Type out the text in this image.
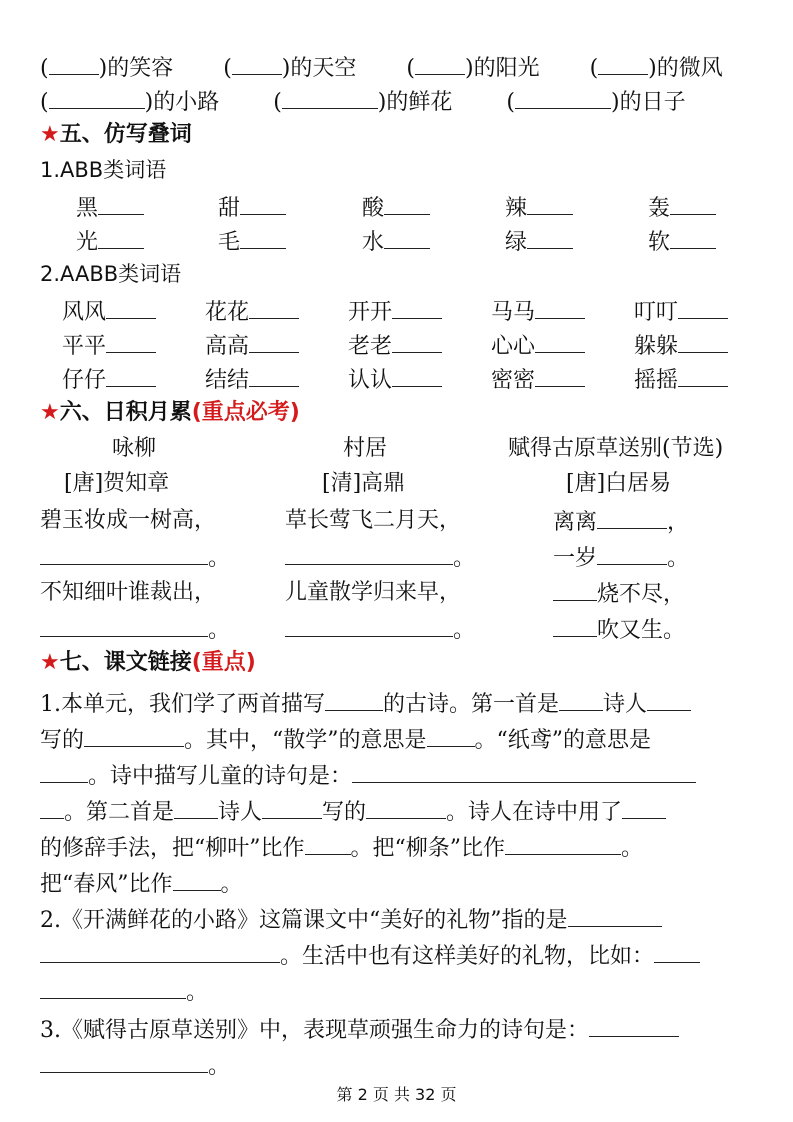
( )的笑容  ( )的天空  ( )的阳光  ( )的微风
(	)的小路  (	)的鲜花  (	)的日子
★五、仿写叠词
1.ABB类词语
黑	甜	酸	辣	轰
光	毛	水	绿	软
2.AABB类词语
风风	花花	开开	马马	叮叮
平平	高高	老老	心心	躲躲
仔仔	结结	认认	密密	摇摇
★六、日积月累(重点必考)
咏柳	村居	赋得古原草送别(节选)
[唐]贺知章	[清]高鼎	[唐]白居易
碧玉妆成一树高，	草长莺飞二月天，	离离	，
。	。	一岁	。
不知细叶谁裁出，	儿童散学归来早，	烧不尽，
。	。	吹又生。
★七、课文链接(重点)
1.本单元，我们学了两首描写	的古诗。第一首是 诗人
写的	。其中，“散学”的意思是 。“纸鸢”的意思是
。诗中描写儿童的诗句是：
。第二首是 诗人	写的	。诗人在诗中用了
的修辞手法，把“柳叶”比作 。把“柳条”比作	。
把“春风”比作 。
2.《开满鲜花的小路》这篇课文中“美好的礼物”指的是
。生活中也有这样美好的礼物，比如：
。
3.《赋得古原草送别》中，表现草顽强生命力的诗句是：
。
第 2 页 共 32 页
